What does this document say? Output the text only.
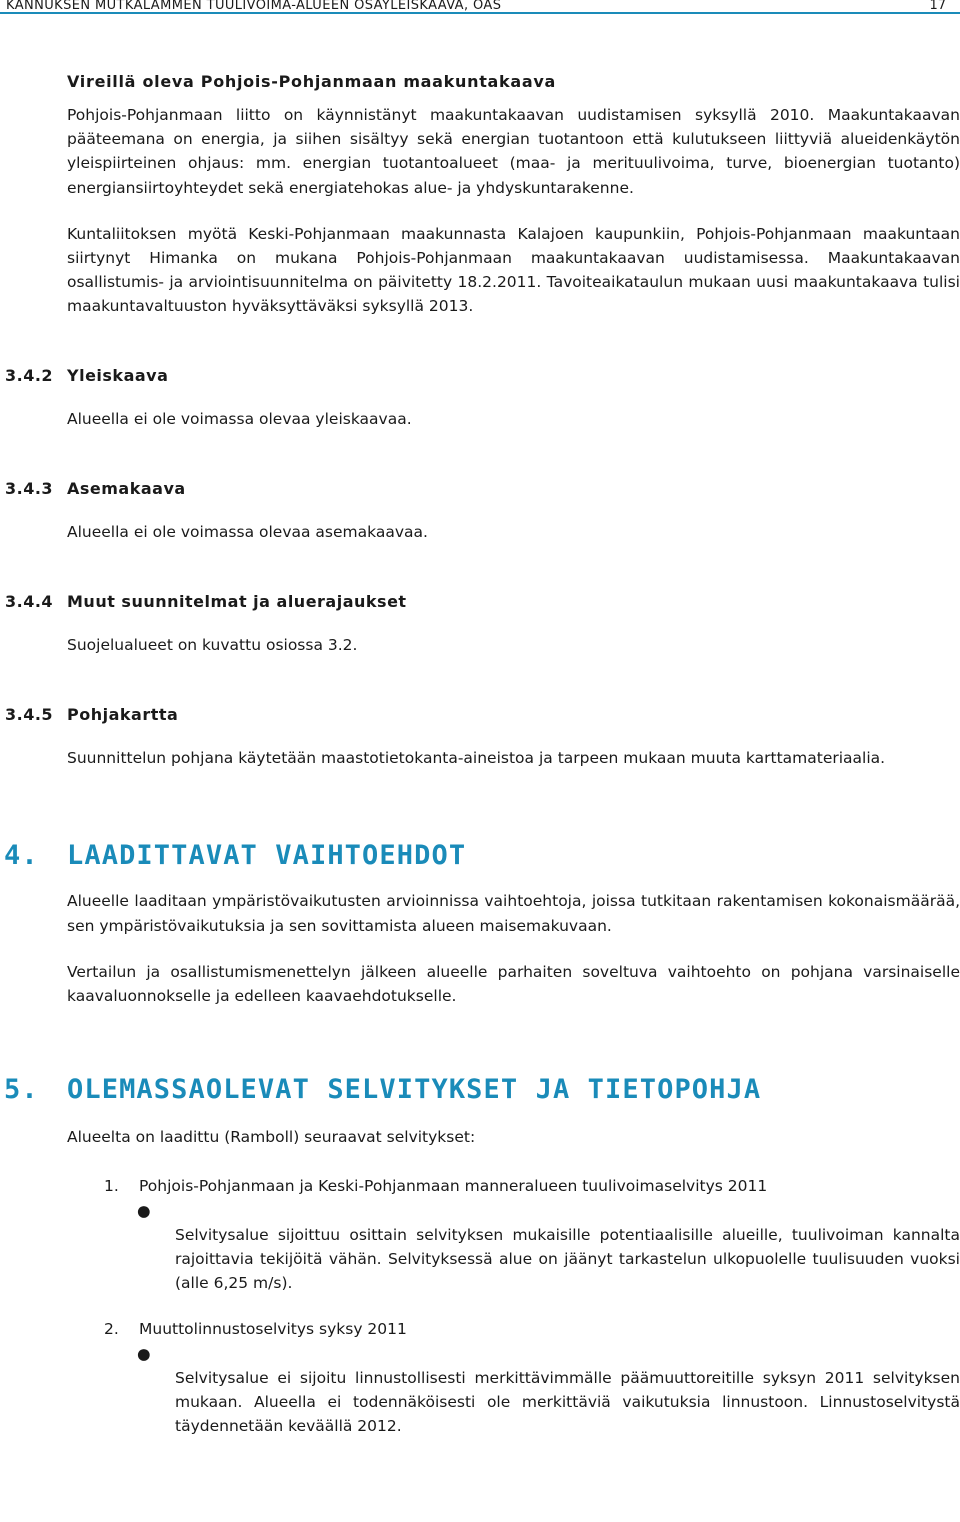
KANNUKSEN MUTKALAMMEN TUULIVOIMA-ALUEEN OSAYLEISKAAVA, OAS	17

Vireillä oleva Pohjois-Pohjanmaan maakuntakaava

Pohjois-Pohjanmaan liitto on käynnistänyt maakuntakaavan uudistamisen syksyllä 2010. Maakuntakaavan pääteemana on energia, ja siihen sisältyy sekä energian tuotantoon että kulutukseen liittyviä alueidenkäytön yleispiirteinen ohjaus: mm. energian tuotantoalueet (maa- ja merituulivoima, turve, bioenergian tuotanto) energiansiirtoyhteydet sekä energiatehokas alue- ja yhdyskuntarakenne.

Kuntaliitoksen myötä Keski-Pohjanmaan maakunnasta Kalajoen kaupunkiin, Pohjois-Pohjanmaan maakuntaan siirtynyt Himanka on mukana Pohjois-Pohjanmaan maakuntakaavan uudistamisessa. Maakuntakaavan osallistumis- ja arviointisuunnitelma on päivitetty 18.2.2011. Tavoiteaikataulun mukaan uusi maakuntakaava tulisi maakuntavaltuuston hyväksyttäväksi syksyllä 2013.

3.4.2 Yleiskaava

Alueella ei ole voimassa olevaa yleiskaavaa.

3.4.3 Asemakaava

Alueella ei ole voimassa olevaa asemakaavaa.

3.4.4 Muut suunnitelmat ja aluerajaukset

Suojelualueet on kuvattu osiossa 3.2.

3.4.5 Pohjakartta

Suunnittelun pohjana käytetään maastotietokanta-aineistoa ja tarpeen mukaan muuta karttamateriaalia.

4. LAADITTAVAT VAIHTOEHDOT

Alueelle laaditaan ympäristövaikutusten arvioinnissa vaihtoehtoja, joissa tutkitaan rakentamisen kokonaismäärää, sen ympäristövaikutuksia ja sen sovittamista alueen maisemakuvaan.

Vertailun ja osallistumismenettelyn jälkeen alueelle parhaiten soveltuva vaihtoehto on pohjana varsinaiselle kaavaluonnokselle ja edelleen kaavaehdotukselle.

5. OLEMASSAOLEVAT SELVITYKSET JA TIETOPOHJA

Alueelta on laadittu (Ramboll) seuraavat selvitykset:

1. Pohjois-Pohjanmaan ja Keski-Pohjanmaan manneralueen tuulivoimaselvitys 2011

●
Selvitysalue sijoittuu osittain selvityksen mukaisille potentiaalisille alueille, tuulivoiman kannalta rajoittavia tekijöitä vähän. Selvityksessä alue on jäänyt tarkastelun ulkopuolelle tuulisuuden vuoksi (alle 6,25 m/s).

2. Muuttolinnustoselvitys syksy 2011

●
Selvitysalue ei sijoitu linnustollisesti merkittävimmälle päämuuttoreitille syksyn 2011 selvityksen mukaan. Alueella ei todennäköisesti ole merkittäviä vaikutuksia linnustoon. Linnustoselvitystä täydennetään keväällä 2012.
